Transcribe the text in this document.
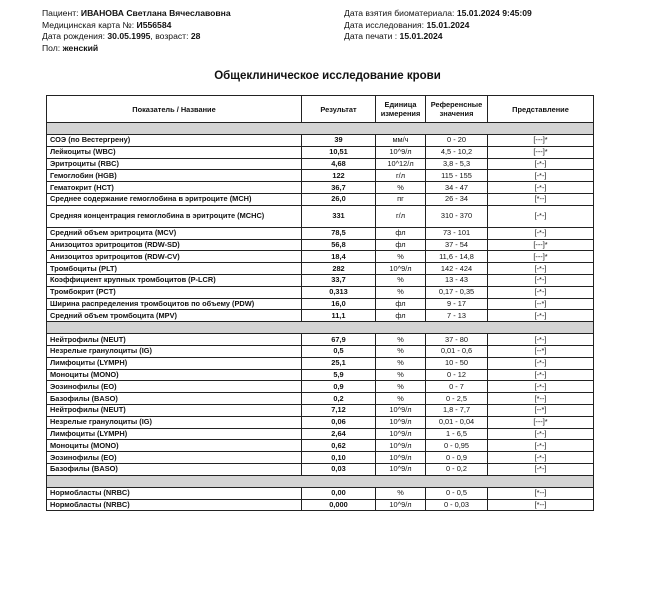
Пациент: ИВАНОВА Светлана Вячеславовна
Медицинская карта №: И556584
Дата рождения: 30.05.1995, возраст: 28
Пол: женский
Дата взятия биоматериала: 15.01.2024 9:45:09
Дата исследования: 15.01.2024
Дата печати : 15.01.2024
Общеклиническое исследование крови
Показатель / Название	Результат	Единица измерения	Референсные значения	Представление

СОЭ (по Вестергрену)	39	мм/ч	0 - 20	[---]*
Лейкоциты (WBC)	10,51	10^9/л	4,5 - 10,2	[---]*
Эритроциты (RBC)	4,68	10^12/л	3,8 - 5,3	[-*-]
Гемоглобин (HGB)	122	г/л	115 - 155	[-*-]
Гематокрит (HCT)	36,7	%	34 - 47	[-*-]
Среднее содержание гемоглобина в эритроците (MCH)	26,0	пг	26 - 34	[*--]
Средняя концентрация гемоглобина в эритроците (MCHC)	331	г/л	310 - 370	[-*-]
Средний объем эритроцита (MCV)	78,5	фл	73 - 101	[-*-]
Анизоцитоз эритроцитов (RDW-SD)	56,8	фл	37 - 54	[---]*
Анизоцитоз эритроцитов (RDW-CV)	18,4	%	11,6 - 14,8	[---]*
Тромбоциты (PLT)	282	10^9/л	142 - 424	[-*-]
Коэффициент крупных тромбоцитов (P-LCR)	33,7	%	13 - 43	[-*-]
Тромбокрит (PCT)	0,313	%	0,17 - 0,35	[-*-]
Ширина распределения тромбоцитов по объему (PDW)	16,0	фл	9 - 17	[--*]
Средний объем тромбоцита (MPV)	11,1	фл	7 - 13	[-*-]

Нейтрофилы (NEUT)	67,9	%	37 - 80	[-*-]
Незрелые гранулоциты (IG)	0,5	%	0,01 - 0,6	[--*]
Лимфоциты (LYMPH)	25,1	%	10 - 50	[-*-]
Моноциты (MONO)	5,9	%	0 - 12	[-*-]
Эозинофилы (EO)	0,9	%	0 - 7	[-*-]
Базофилы (BASO)	0,2	%	0 - 2,5	[*--]
Нейтрофилы (NEUT)	7,12	10^9/л	1,8 - 7,7	[--*]
Незрелые гранулоциты (IG)	0,06	10^9/л	0,01 - 0,04	[---]*
Лимфоциты (LYMPH)	2,64	10^9/л	1 - 6,5	[-*-]
Моноциты (MONO)	0,62	10^9/л	0 - 0,95	[-*-]
Эозинофилы (EO)	0,10	10^9/л	0 - 0,9	[-*-]
Базофилы (BASO)	0,03	10^9/л	0 - 0,2	[-*-]

Нормобласты (NRBC)	0,00	%	0 - 0,5	[*--]
Нормобласты (NRBC)	0,000	10^9/л	0 - 0,03	[*--]
